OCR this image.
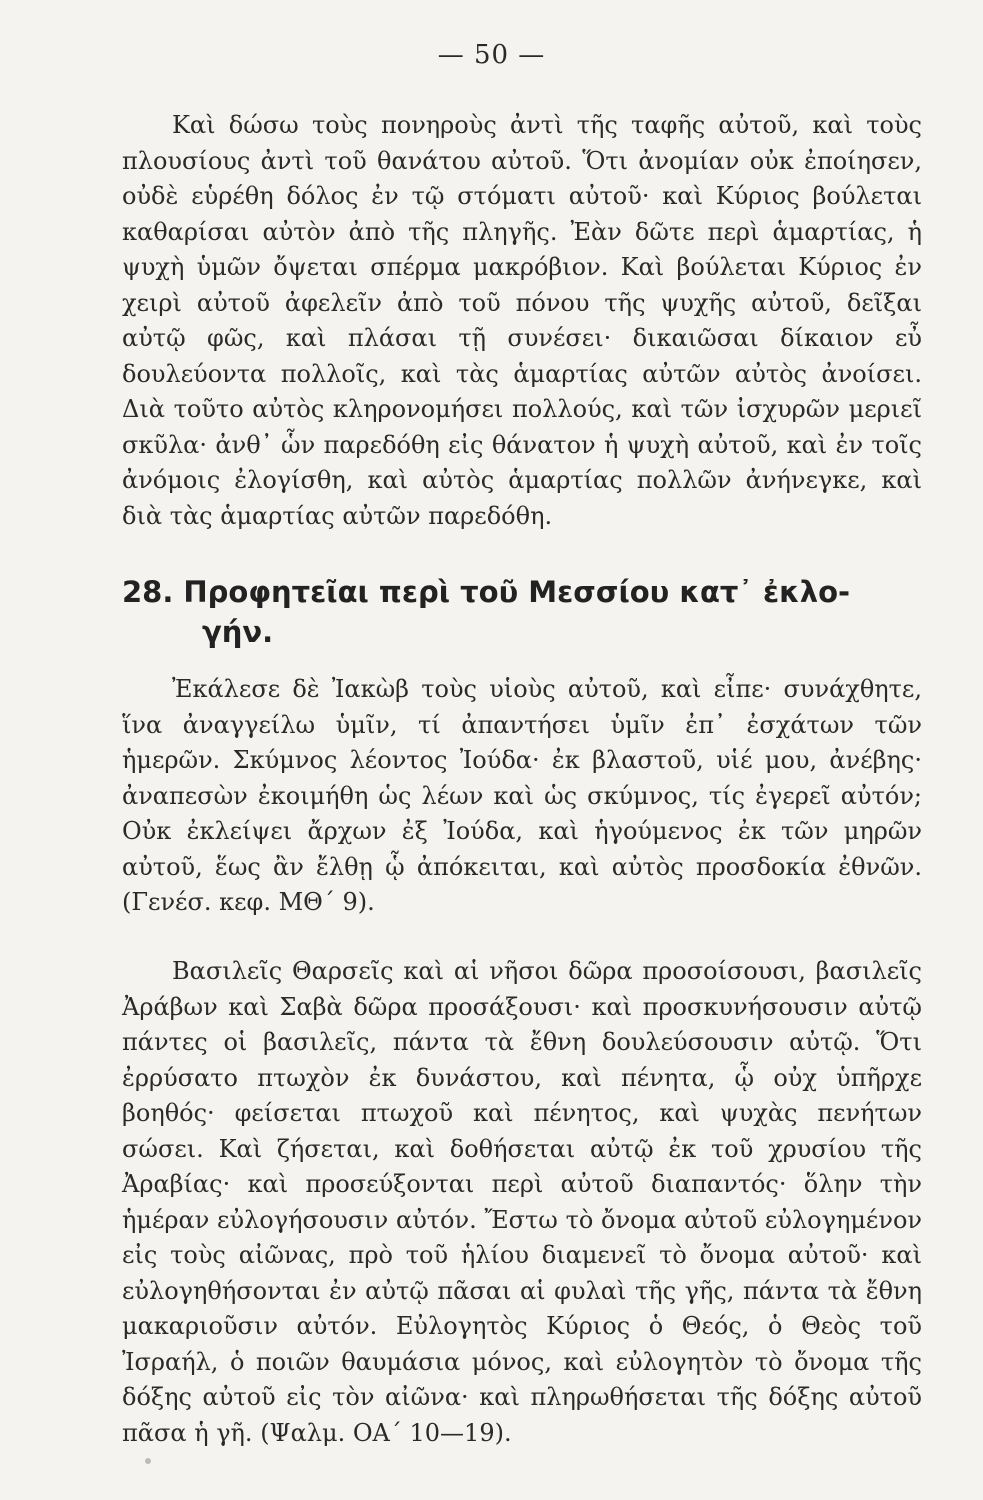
— 50 —
Καὶ δώσω τοὺς πονηροὺς ἀντὶ τῆς ταφῆς αὐτοῦ, καὶ τοὺς πλουσίους ἀντὶ τοῦ θανάτου αὐτοῦ. Ὅτι ἀνομίαν οὐκ ἐποίησεν, οὐδὲ εὑρέθη δόλος ἐν τῷ στόματι αὐτοῦ· καὶ Κύριος βούλεται καθαρίσαι αὐτὸν ἀπὸ τῆς πληγῆς. Ἐὰν δῶτε περὶ ἁμαρτίας, ἡ ψυχὴ ὑμῶν ὄψεται σπέρμα μακρόβιον. Καὶ βούλεται Κύριος ἐν χειρὶ αὐτοῦ ἀφελεῖν ἀπὸ τοῦ πόνου τῆς ψυχῆς αὐτοῦ, δεῖξαι αὐτῷ φῶς, καὶ πλάσαι τῇ συνέσει· δικαιῶσαι δίκαιον εὖ δουλεύοντα πολλοῖς, καὶ τὰς ἁμαρτίας αὐτῶν αὐτὸς ἀνοίσει. Διὰ τοῦτο αὐτὸς κληρονομήσει πολλούς, καὶ τῶν ἰσχυρῶν μεριεῖ σκῦλα· ἀνθ᾽ ὧν παρεδόθη εἰς θάνατον ἡ ψυχὴ αὐτοῦ, καὶ ἐν τοῖς ἀνόμοις ἐλογίσθη, καὶ αὐτὸς ἁμαρτίας πολλῶν ἀνήνεγκε, καὶ διὰ τὰς ἁμαρτίας αὐτῶν παρεδόθη.
28. Προφητεῖαι περὶ τοῦ Μεσσίου κατ᾽ ἐκλο-
γήν.
Ἐκάλεσε δὲ Ἰακὼβ τοὺς υἱοὺς αὐτοῦ, καὶ εἶπε· συνάχθητε, ἵνα ἀναγγείλω ὑμῖν, τί ἀπαντήσει ὑμῖν ἐπ᾽ ἐσχάτων τῶν ἡμερῶν. Σκύμνος λέοντος Ἰούδα· ἐκ βλαστοῦ, υἱέ μου, ἀνέβης· ἀναπεσὼν ἐκοιμήθη ὡς λέων καὶ ὡς σκύμνος, τίς ἐγερεῖ αὐτόν; Οὐκ ἐκλείψει ἄρχων ἐξ Ἰούδα, καὶ ἡγούμενος ἐκ τῶν μηρῶν αὐτοῦ, ἕως ἂν ἔλθῃ ᾧ ἀπόκειται, καὶ αὐτὸς προσδοκία ἐθνῶν. (Γενέσ. κεφ. ΜΘ΄ 9).
Βασιλεῖς Θαρσεῖς καὶ αἱ νῆσοι δῶρα προσοίσουσι, βασιλεῖς Ἀράβων καὶ Σαβὰ δῶρα προσάξουσι· καὶ προσκυνήσουσιν αὐτῷ πάντες οἱ βασιλεῖς, πάντα τὰ ἔθνη δουλεύσουσιν αὐτῷ. Ὅτι ἐρρύσατο πτωχὸν ἐκ δυνάστου, καὶ πένητα, ᾧ οὐχ ὑπῆρχε βοηθός· φείσεται πτωχοῦ καὶ πένητος, καὶ ψυχὰς πενήτων σώσει. Καὶ ζήσεται, καὶ δοθήσεται αὐτῷ ἐκ τοῦ χρυσίου τῆς Ἀραβίας· καὶ προσεύξονται περὶ αὐτοῦ διαπαντός· ὅλην τὴν ἡμέραν εὐλογήσουσιν αὐτόν. Ἔστω τὸ ὄνομα αὐτοῦ εὐλογημένον εἰς τοὺς αἰῶνας, πρὸ τοῦ ἡλίου διαμενεῖ τὸ ὄνομα αὐτοῦ· καὶ εὐλογηθήσονται ἐν αὐτῷ πᾶσαι αἱ φυλαὶ τῆς γῆς, πάντα τὰ ἔθνη μακαριοῦσιν αὐτόν. Εὐλογητὸς Κύριος ὁ Θεός, ὁ Θεὸς τοῦ Ἰσραήλ, ὁ ποιῶν θαυμάσια μόνος, καὶ εὐλογητὸν τὸ ὄνομα τῆς δόξης αὐτοῦ εἰς τὸν αἰῶνα· καὶ πληρωθήσεται τῆς δόξης αὐτοῦ πᾶσα ἡ γῆ. (Ψαλμ. ΟΑ΄ 10—19).
